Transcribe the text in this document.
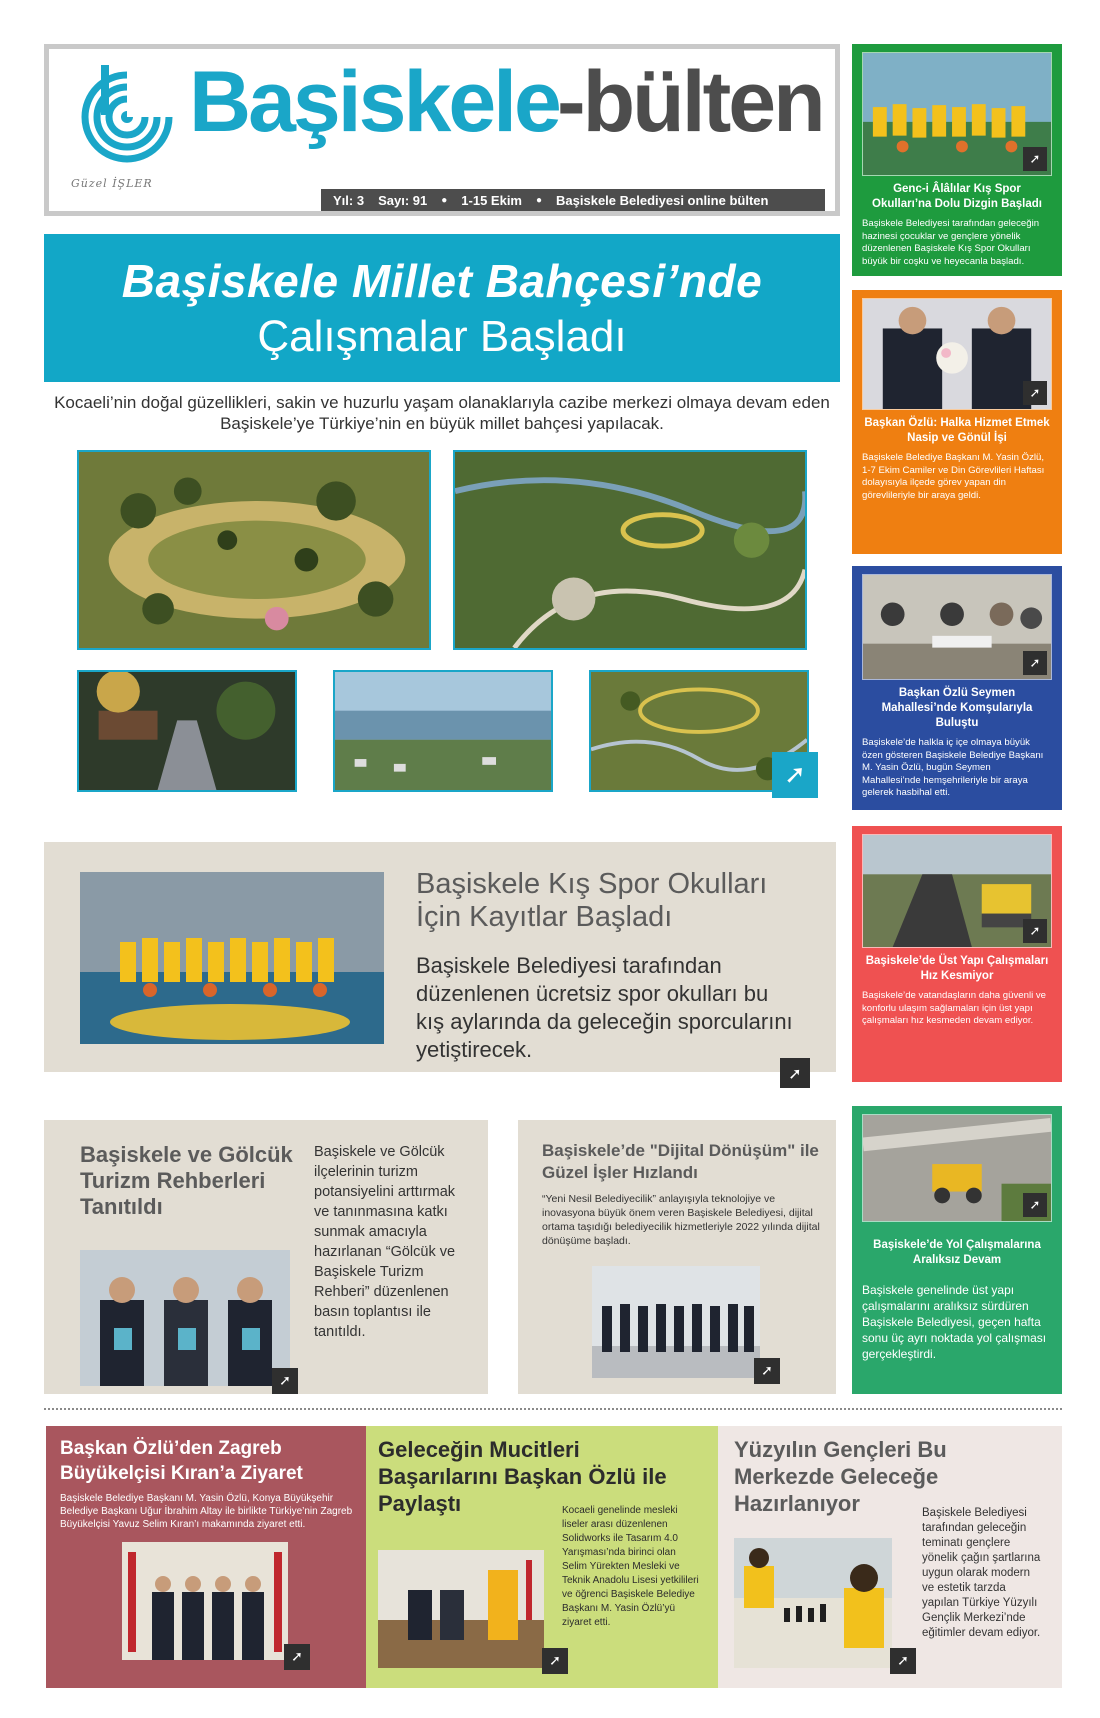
Güzel İŞLER
Başiskele
-bülten
Yıl: 3 Sayı: 91 ● 1-15 Ekim ● Başiskele Belediyesi online bülten
Başiskele Millet Bahçesi’nde
Çalışmalar Başladı
Kocaeli’nin doğal güzellikleri, sakin ve huzurlu yaşam olanaklarıyla cazibe merkezi olmaya devam eden Başiskele’ye Türkiye’nin en büyük millet bahçesi yapılacak.
➚
➚
Genc-i Âlâlılar Kış Spor Okulları’na Dolu Dizgin Başladı
Başiskele Belediyesi tarafından geleceğin hazinesi çocuklar ve gençlere yönelik düzenlenen Başiskele Kış Spor Okulları büyük bir coşku ve heyecanla başladı.
➚
Başkan Özlü: Halka Hizmet Etmek Nasip ve Gönül İşi
Başiskele Belediye Başkanı M. Yasin Özlü, 1-7 Ekim Camiler ve Din Görevlileri Haftası dolayısıyla ilçede görev yapan din görevlileriyle bir araya geldi.
➚
Başkan Özlü Seymen Mahallesi’nde Komşularıyla Buluştu
Başiskele’de halkla iç içe olmaya büyük özen gösteren Başiskele Belediye Başkanı M. Yasin Özlü, bugün Seymen Mahallesi’nde hemşehrileriyle bir araya gelerek hasbihal etti.
➚
Başiskele’de Üst Yapı Çalışmaları Hız Kesmiyor
Başiskele’de vatandaşların daha güvenli ve konforlu ulaşım sağlamaları için üst yapı çalışmaları hız kesmeden devam ediyor.
➚
Başiskele’de Yol Çalışmalarına Aralıksız Devam
Başiskele genelinde üst yapı çalışmalarını aralıksız sürdüren Başiskele Belediyesi, geçen hafta sonu üç ayrı noktada yol çalışması gerçekleştirdi.
Başiskele Kış Spor Okulları İçin Kayıtlar Başladı
Başiskele Belediyesi tarafından düzenlenen ücretsiz spor okulları bu kış aylarında da geleceğin sporcularını yetiştirecek.
➚
Başiskele ve Gölcük Turizm Rehberleri Tanıtıldı
Başiskele ve Gölcük ilçelerinin turizm potansiyelini arttırmak ve tanınmasına katkı sunmak amacıyla hazırlanan “Gölcük ve Başiskele Turizm Rehberi” düzenlenen basın toplantısı ile tanıtıldı.
➚
Başiskele’de "Dijital Dönüşüm" ile Güzel İşler Hızlandı
“Yeni Nesil Belediyecilik” anlayışıyla teknolojiye ve inovasyona büyük önem veren Başiskele Belediyesi, dijital ortama taşıdığı belediyecilik hizmetleriyle 2022 yılında dijital dönüşüme başladı.
➚
Başkan Özlü’den Zagreb Büyükelçisi Kıran’a Ziyaret
Başiskele Belediye Başkanı M. Yasin Özlü, Konya Büyükşehir Belediye Başkanı Uğur İbrahim Altay ile birlikte Türkiye’nin Zagreb Büyükelçisi Yavuz Selim Kıran’ı makamında ziyaret etti.
➚
Geleceğin Mucitleri Başarılarını Başkan Özlü ile Paylaştı	Kocaeli genelinde mesleki liseler arası düzenlenen Solidworks ile Tasarım 4.0 Yarışması’nda birinci olan Selim Yürekten Mesleki ve Teknik Anadolu Lisesi yetkilileri ve öğrenci Başiskele Belediye Başkanı M. Yasin Özlü’yü ziyaret etti.
➚
Yüzyılın Gençleri Bu Merkezde Geleceğe Hazırlanıyor	Başiskele Belediyesi tarafından geleceğin teminatı gençlere yönelik çağın şartlarına uygun olarak modern ve estetik tarzda yapılan Türkiye Yüzyılı Gençlik Merkezi’nde eğitimler devam ediyor.
➚
